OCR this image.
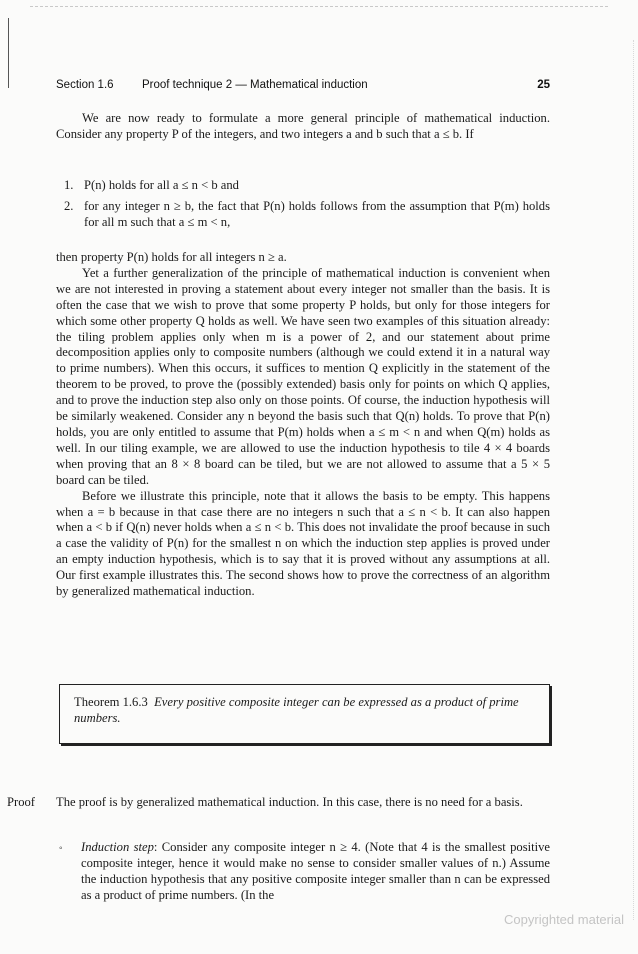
Section 1.6 Proof technique 2 — Mathematical induction	25

We are now ready to formulate a more general principle of mathematical induction. Consider any property P of the integers, and two integers a and b such that a ≤ b. If

1. P(n) holds for all a ≤ n < b and
2. for any integer n ≥ b, the fact that P(n) holds follows from the assumption that P(m) holds for all m such that a ≤ m < n,

then property P(n) holds for all integers n ≥ a.

Yet a further generalization of the principle of mathematical induction is convenient when we are not interested in proving a statement about every integer not smaller than the basis. It is often the case that we wish to prove that some property P holds, but only for those integers for which some other property Q holds as well. We have seen two examples of this situation already: the tiling problem applies only when m is a power of 2, and our statement about prime decomposition applies only to composite numbers (although we could extend it in a natural way to prime numbers). When this occurs, it suffices to mention Q explicitly in the statement of the theorem to be proved, to prove the (possibly extended) basis only for points on which Q applies, and to prove the induction step also only on those points. Of course, the induction hypothesis will be similarly weakened. Consider any n beyond the basis such that Q(n) holds. To prove that P(n) holds, you are only entitled to assume that P(m) holds when a ≤ m < n and when Q(m) holds as well. In our tiling example, we are allowed to use the induction hypothesis to tile 4 × 4 boards when proving that an 8 × 8 board can be tiled, but we are not allowed to assume that a 5 × 5 board can be tiled.

Before we illustrate this principle, note that it allows the basis to be empty. This happens when a = b because in that case there are no integers n such that a ≤ n < b. It can also happen when a < b if Q(n) never holds when a ≤ n < b. This does not invalidate the proof because in such a case the validity of P(n) for the smallest n on which the induction step applies is proved under an empty induction hypothesis, which is to say that it is proved without any assumptions at all. Our first example illustrates this. The second shows how to prove the correctness of an algorithm by generalized mathematical induction.

Theorem 1.6.3 Every positive composite integer can be expressed as a product of prime numbers.
Proof The proof is by generalized mathematical induction. In this case, there is no need for a basis.
◦	Induction step: Consider any composite integer n ≥ 4. (Note that 4 is the smallest positive composite integer, hence it would make no sense to consider smaller values of n.) Assume the induction hypothesis that any positive composite integer smaller than n can be expressed as a product of prime numbers. (In the
Copyrighted material
